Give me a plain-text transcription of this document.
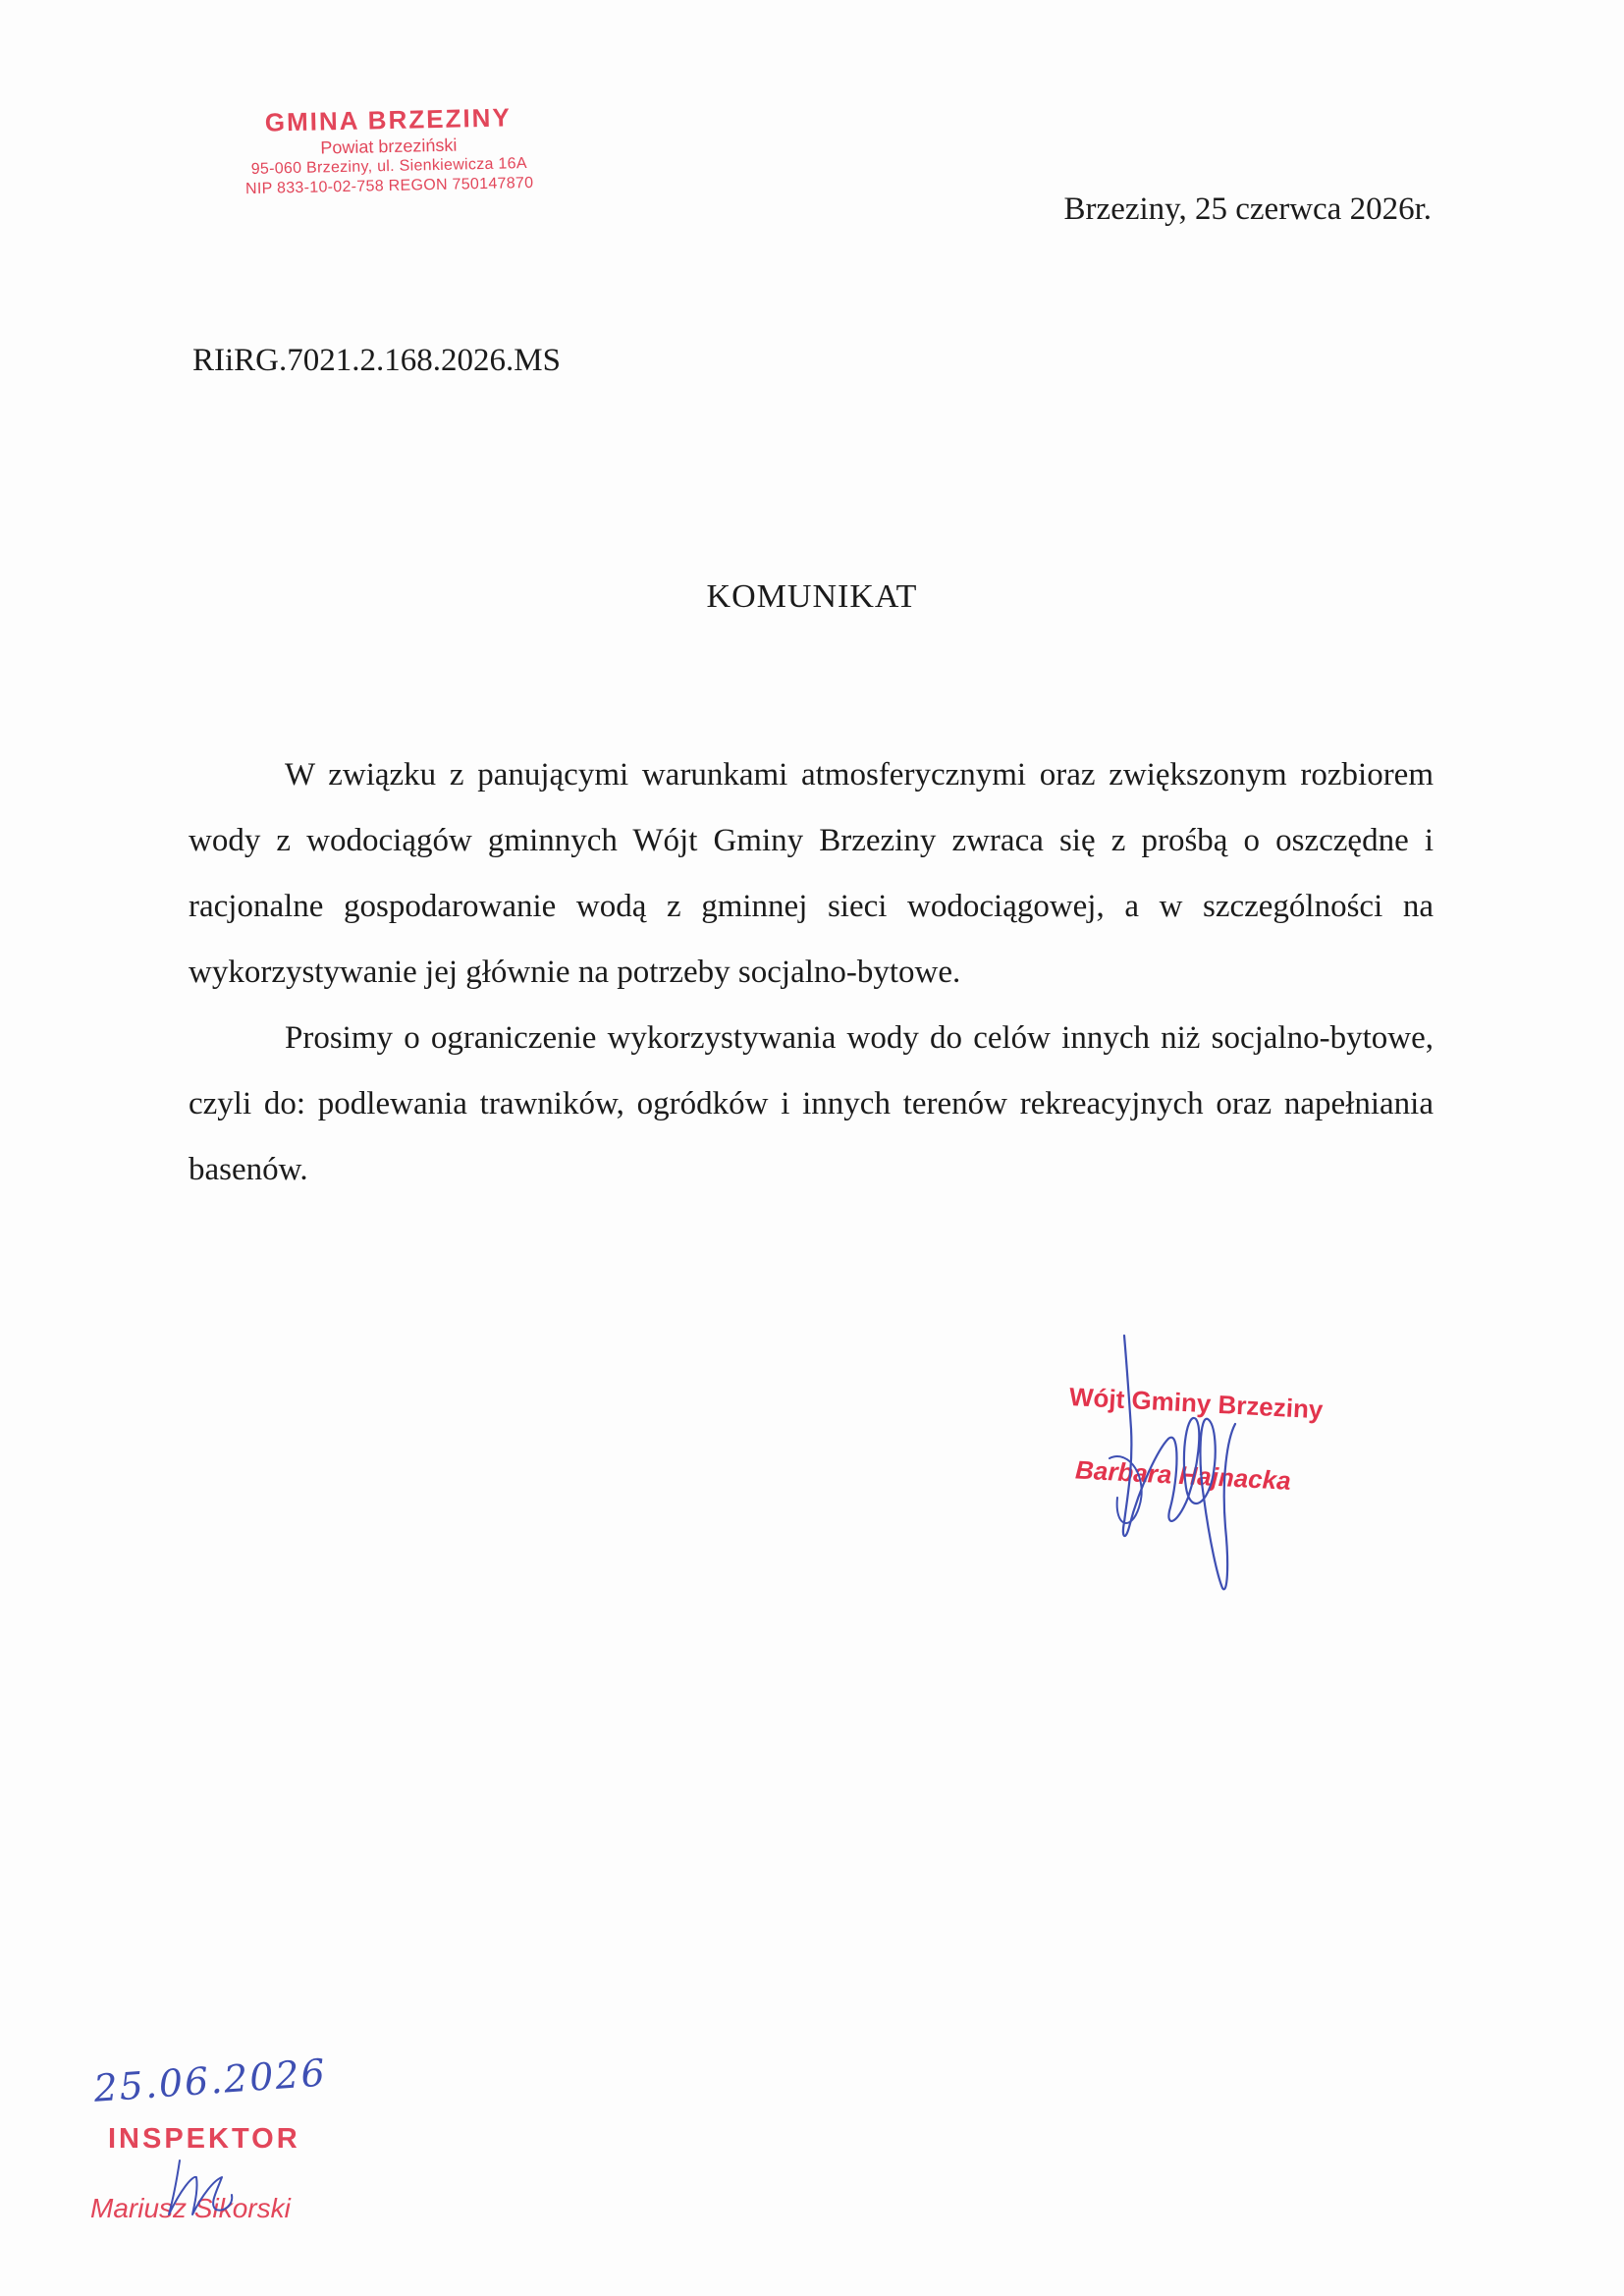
GMINA BRZEZINY
Powiat brzeziński
95-060 Brzeziny, ul. Sienkiewicza 16A
NIP 833-10-02-758 REGON 750147870
Brzeziny, 25 czerwca 2026r.
RIiRG.7021.2.168.2026.MS
KOMUNIKAT

W związku z panującymi warunkami atmosferycznymi oraz zwiększonym rozbiorem wody z wodociągów gminnych Wójt Gminy Brzeziny zwraca się z prośbą o oszczędne i racjonalne gospodarowanie wodą z gminnej sieci wodociągowej, a w szczególności na wykorzystywanie jej głównie na potrzeby socjalno-bytowe.

Prosimy o ograniczenie wykorzystywania wody do celów innych niż socjalno-bytowe, czyli do: podlewania trawników, ogródków i innych terenów rekreacyjnych oraz napełniania basenów.

Wójt Gminy Brzeziny
Barbara Hajnacka
25.06.2026
INSPEKTOR
Mariusz Sikorski
